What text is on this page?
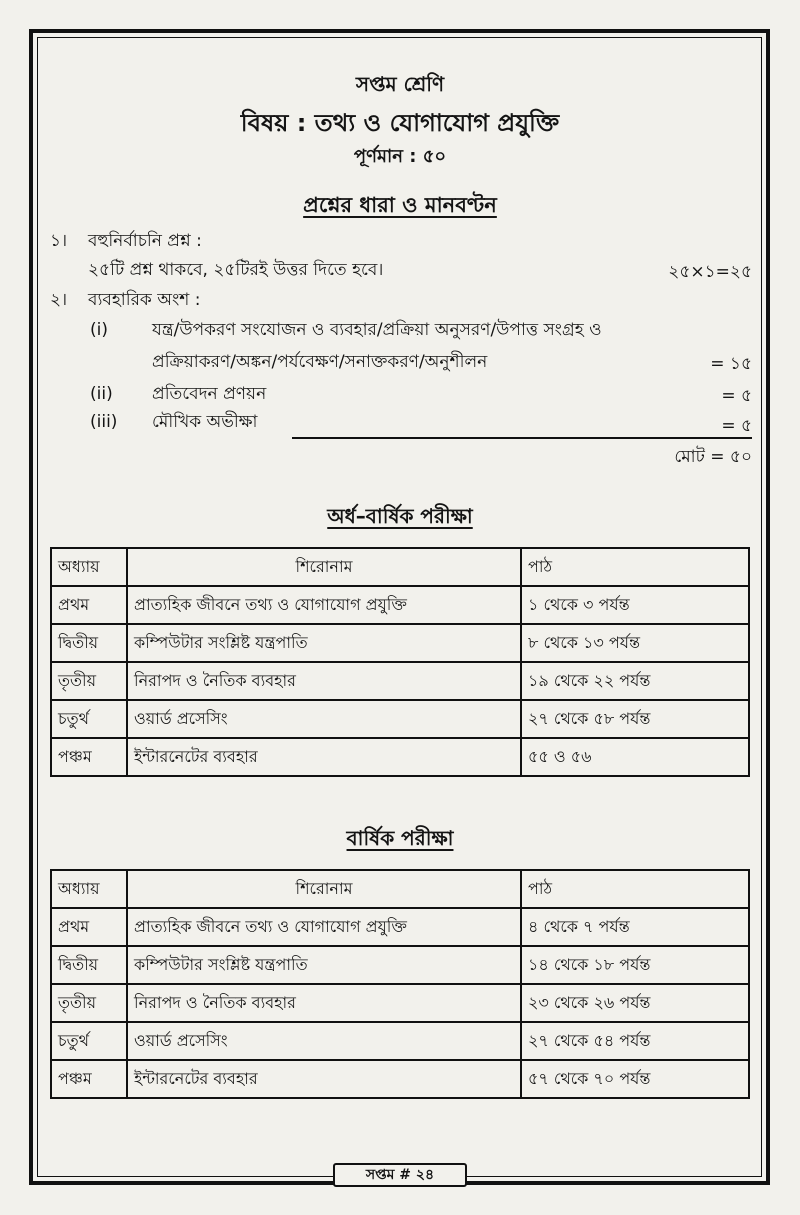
সপ্তম শ্রেণি
বিষয় : তথ্য ও যোগাযোগ প্রযুক্তি
পূর্ণমান : ৫০
প্রশ্নের ধারা ও মানবণ্টন
১। বহুনির্বাচনি প্রশ্ন :
২৫টি প্রশ্ন থাকবে, ২৫টিরই উত্তর দিতে হবে।	২৫×১=২৫
২। ব্যবহারিক অংশ :
(i)	যন্ত্র/উপকরণ সংযোজন ও ব্যবহার/প্রক্রিয়া অনুসরণ/উপাত্ত সংগ্রহ ও
প্রক্রিয়াকরণ/অঙ্কন/পর্যবেক্ষণ/সনাক্তকরণ/অনুশীলন	= ১৫
(ii) প্রতিবেদন প্রণয়ন	= ৫
(iii) মৌখিক অভীক্ষা	= ৫
মোট = ৫০
অর্ধ–বার্ষিক পরীক্ষা
অধ্যায়	শিরোনাম	পাঠ
প্রথম	প্রাত্যহিক জীবনে তথ্য ও যোগাযোগ প্রযুক্তি	১ থেকে ৩ পর্যন্ত
দ্বিতীয়	কম্পিউটার সংশ্লিষ্ট যন্ত্রপাতি	৮ থেকে ১৩ পর্যন্ত
তৃতীয়	নিরাপদ ও নৈতিক ব্যবহার	১৯ থেকে ২২ পর্যন্ত
চতুর্থ	ওয়ার্ড প্রসেসিং	২৭ থেকে ৫৮ পর্যন্ত
পঞ্চম	ইন্টারনেটের ব্যবহার	৫৫ ও ৫৬
বার্ষিক পরীক্ষা
অধ্যায়	শিরোনাম	পাঠ
প্রথম	প্রাত্যহিক জীবনে তথ্য ও যোগাযোগ প্রযুক্তি	৪ থেকে ৭ পর্যন্ত
দ্বিতীয়	কম্পিউটার সংশ্লিষ্ট যন্ত্রপাতি	১৪ থেকে ১৮ পর্যন্ত
তৃতীয়	নিরাপদ ও নৈতিক ব্যবহার	২৩ থেকে ২৬ পর্যন্ত
চতুর্থ	ওয়ার্ড প্রসেসিং	২৭ থেকে ৫৪ পর্যন্ত
পঞ্চম	ইন্টারনেটের ব্যবহার	৫৭ থেকে ৭০ পর্যন্ত
সপ্তম # ২৪
